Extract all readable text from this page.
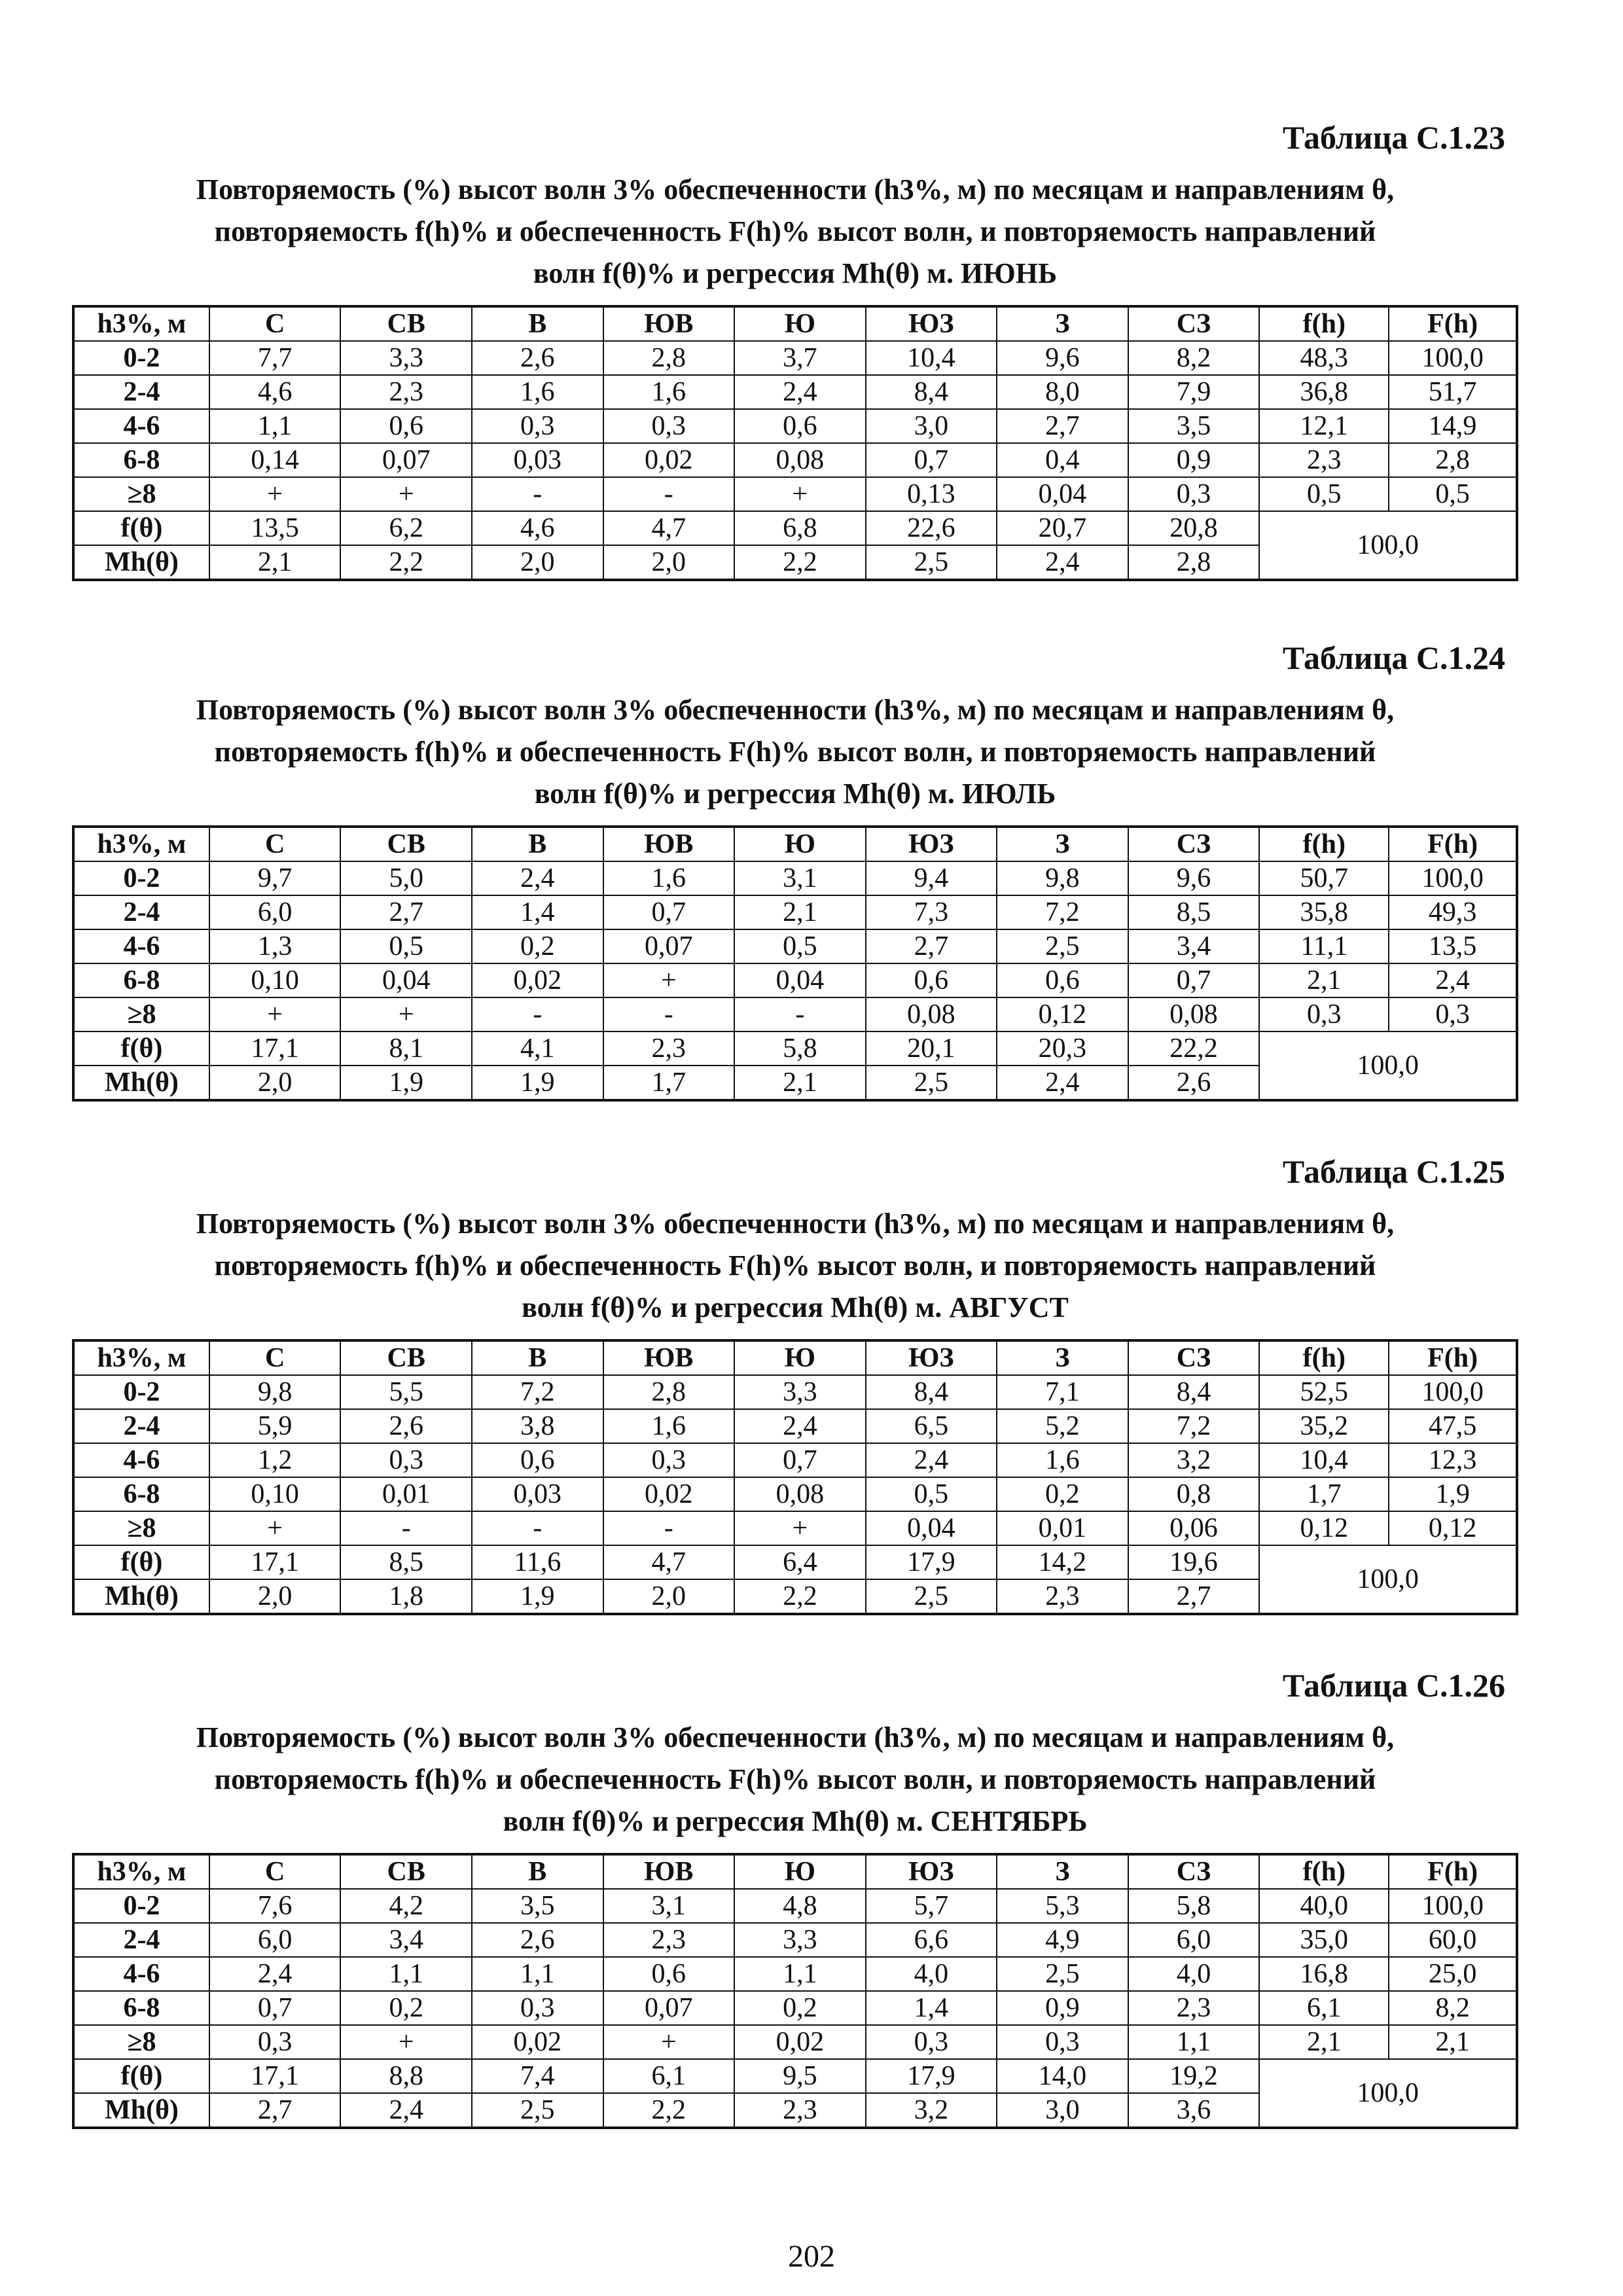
Таблица С.1.23

Повторяемость (%) высот волн 3% обеспеченности (h3%, м) по месяцам и направлениям θ,
повторяемость f(h)% и обеспеченность F(h)% высот волн, и повторяемость направлений
волн f(θ)% и регрессия Mh(θ) м. ИЮНЬ
h3%, м	С	СВ	В	ЮВ	Ю	ЮЗ	З	СЗ	f(h)	F(h)
0-2	7,7	3,3	2,6	2,8	3,7	10,4	9,6	8,2	48,3	100,0
2-4	4,6	2,3	1,6	1,6	2,4	8,4	8,0	7,9	36,8	51,7
4-6	1,1	0,6	0,3	0,3	0,6	3,0	2,7	3,5	12,1	14,9
6-8	0,14	0,07	0,03	0,02	0,08	0,7	0,4	0,9	2,3	2,8
≥8	+	+	-	-	+	0,13	0,04	0,3	0,5	0,5
f(θ)	13,5	6,2	4,6	4,7	6,8	22,6	20,7	20,8	100,0	
Mh(θ)	2,1	2,2	2,0	2,0	2,2	2,5	2,4	2,8		

Таблица С.1.24

Повторяемость (%) высот волн 3% обеспеченности (h3%, м) по месяцам и направлениям θ,
повторяемость f(h)% и обеспеченность F(h)% высот волн, и повторяемость направлений
волн f(θ)% и регрессия Mh(θ) м. ИЮЛЬ
h3%, м	С	СВ	В	ЮВ	Ю	ЮЗ	З	СЗ	f(h)	F(h)
0-2	9,7	5,0	2,4	1,6	3,1	9,4	9,8	9,6	50,7	100,0
2-4	6,0	2,7	1,4	0,7	2,1	7,3	7,2	8,5	35,8	49,3
4-6	1,3	0,5	0,2	0,07	0,5	2,7	2,5	3,4	11,1	13,5
6-8	0,10	0,04	0,02	+	0,04	0,6	0,6	0,7	2,1	2,4
≥8	+	+	-	-	-	0,08	0,12	0,08	0,3	0,3
f(θ)	17,1	8,1	4,1	2,3	5,8	20,1	20,3	22,2	100,0	
Mh(θ)	2,0	1,9	1,9	1,7	2,1	2,5	2,4	2,6		

Таблица С.1.25

Повторяемость (%) высот волн 3% обеспеченности (h3%, м) по месяцам и направлениям θ,
повторяемость f(h)% и обеспеченность F(h)% высот волн, и повторяемость направлений
волн f(θ)% и регрессия Mh(θ) м. АВГУСТ
h3%, м	С	СВ	В	ЮВ	Ю	ЮЗ	З	СЗ	f(h)	F(h)
0-2	9,8	5,5	7,2	2,8	3,3	8,4	7,1	8,4	52,5	100,0
2-4	5,9	2,6	3,8	1,6	2,4	6,5	5,2	7,2	35,2	47,5
4-6	1,2	0,3	0,6	0,3	0,7	2,4	1,6	3,2	10,4	12,3
6-8	0,10	0,01	0,03	0,02	0,08	0,5	0,2	0,8	1,7	1,9
≥8	+	-	-	-	+	0,04	0,01	0,06	0,12	0,12
f(θ)	17,1	8,5	11,6	4,7	6,4	17,9	14,2	19,6	100,0	
Mh(θ)	2,0	1,8	1,9	2,0	2,2	2,5	2,3	2,7		

Таблица С.1.26

Повторяемость (%) высот волн 3% обеспеченности (h3%, м) по месяцам и направлениям θ,
повторяемость f(h)% и обеспеченность F(h)% высот волн, и повторяемость направлений
волн f(θ)% и регрессия Mh(θ) м. СЕНТЯБРЬ
h3%, м	С	СВ	В	ЮВ	Ю	ЮЗ	З	СЗ	f(h)	F(h)
0-2	7,6	4,2	3,5	3,1	4,8	5,7	5,3	5,8	40,0	100,0
2-4	6,0	3,4	2,6	2,3	3,3	6,6	4,9	6,0	35,0	60,0
4-6	2,4	1,1	1,1	0,6	1,1	4,0	2,5	4,0	16,8	25,0
6-8	0,7	0,2	0,3	0,07	0,2	1,4	0,9	2,3	6,1	8,2
≥8	0,3	+	0,02	+	0,02	0,3	0,3	1,1	2,1	2,1
f(θ)	17,1	8,8	7,4	6,1	9,5	17,9	14,0	19,2	100,0	
Mh(θ)	2,7	2,4	2,5	2,2	2,3	3,2	3,0	3,6		
202
